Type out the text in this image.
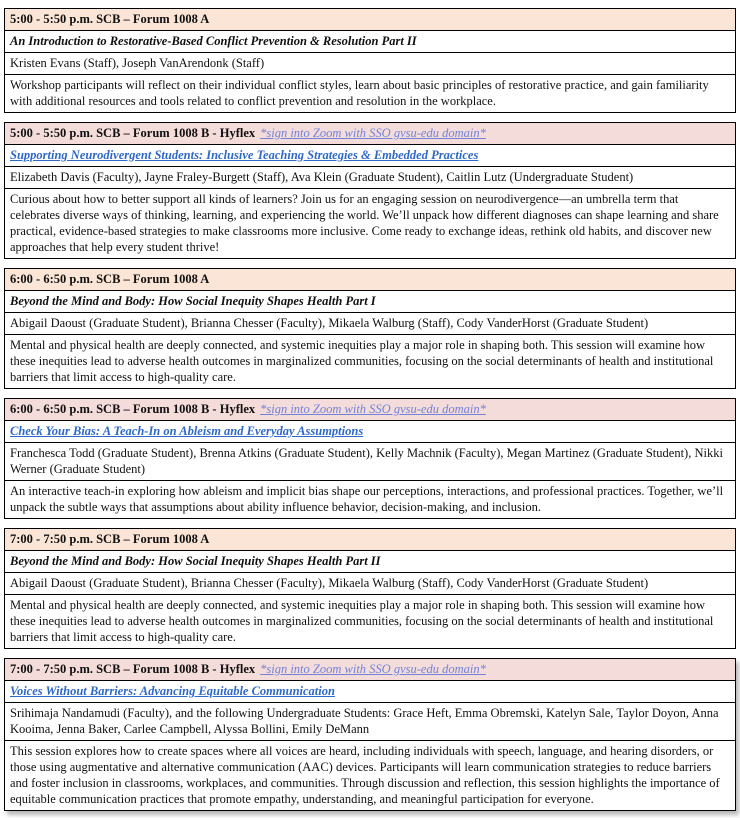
5:00 - 5:50 p.m. SCB – Forum 1008 A
An Introduction to Restorative-Based Conflict Prevention & Resolution Part II
Kristen Evans (Staff), Joseph VanArendonk (Staff)
Workshop participants will reflect on their individual conflict styles, learn about basic principles of restorative practice, and gain familiarity with additional resources and tools related to conflict prevention and resolution in the workplace.
5:00 - 5:50 p.m. SCB – Forum 1008 B - Hyflex *sign into Zoom with SSO gvsu-edu domain*
Supporting Neurodivergent Students: Inclusive Teaching Strategies & Embedded Practices
Elizabeth Davis (Faculty), Jayne Fraley-Burgett (Staff), Ava Klein (Graduate Student), Caitlin Lutz (Undergraduate Student)
Curious about how to better support all kinds of learners? Join us for an engaging session on neurodivergence—an umbrella term that celebrates diverse ways of thinking, learning, and experiencing the world. We’ll unpack how different diagnoses can shape learning and share practical, evidence-based strategies to make classrooms more inclusive. Come ready to exchange ideas, rethink old habits, and discover new approaches that help every student thrive!
6:00 - 6:50 p.m. SCB – Forum 1008 A
Beyond the Mind and Body: How Social Inequity Shapes Health Part I
Abigail Daoust (Graduate Student), Brianna Chesser (Faculty), Mikaela Walburg (Staff), Cody VanderHorst (Graduate Student)
Mental and physical health are deeply connected, and systemic inequities play a major role in shaping both. This session will examine how these inequities lead to adverse health outcomes in marginalized communities, focusing on the social determinants of health and institutional barriers that limit access to high-quality care.
6:00 - 6:50 p.m. SCB – Forum 1008 B - Hyflex *sign into Zoom with SSO gvsu-edu domain*
Check Your Bias: A Teach-In on Ableism and Everyday Assumptions
Franchesca Todd (Graduate Student), Brenna Atkins (Graduate Student), Kelly Machnik (Faculty), Megan Martinez (Graduate Student), Nikki Werner (Graduate Student)
An interactive teach-in exploring how ableism and implicit bias shape our perceptions, interactions, and professional practices. Together, we’ll unpack the subtle ways that assumptions about ability influence behavior, decision-making, and inclusion.
7:00 - 7:50 p.m. SCB – Forum 1008 A
Beyond the Mind and Body: How Social Inequity Shapes Health Part II
Abigail Daoust (Graduate Student), Brianna Chesser (Faculty), Mikaela Walburg (Staff), Cody VanderHorst (Graduate Student)
Mental and physical health are deeply connected, and systemic inequities play a major role in shaping both. This session will examine how these inequities lead to adverse health outcomes in marginalized communities, focusing on the social determinants of health and institutional barriers that limit access to high-quality care.
7:00 - 7:50 p.m. SCB – Forum 1008 B - Hyflex *sign into Zoom with SSO gvsu-edu domain*
Voices Without Barriers: Advancing Equitable Communication
Srihimaja Nandamudi (Faculty), and the following Undergraduate Students: Grace Heft, Emma Obremski, Katelyn Sale, Taylor Doyon, Anna Kooima, Jenna Baker, Carlee Campbell, Alyssa Bollini, Emily DeMann
This session explores how to create spaces where all voices are heard, including individuals with speech, language, and hearing disorders, or those using augmentative and alternative communication (AAC) devices. Participants will learn communication strategies to reduce barriers and foster inclusion in classrooms, workplaces, and communities. Through discussion and reflection, this session highlights the importance of equitable communication practices that promote empathy, understanding, and meaningful participation for everyone.
